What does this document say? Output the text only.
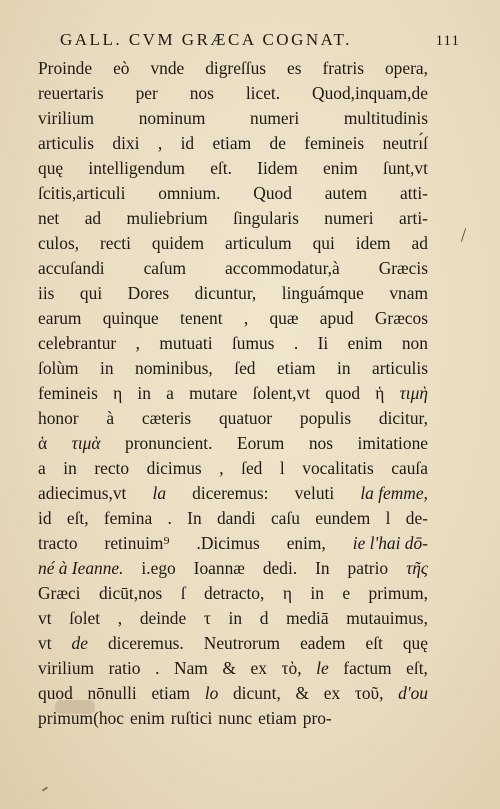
GALL. CVM GRÆCA COGNAT.	111
Proinde eò vnde digreſſus es fratris opera,
reuertaris per nos licet. Quod,inquam,de
virilium	nominum	numeri	multitudinis
articulis dixi , id etiam de femineis neutrı́ſ
quę intelligendum eſt. Iidem enim ſunt,vt
ſcitis,articuli omnium. Quod autem atti-
net ad muliebrium ſingularis numeri arti-
culos, recti quidem articulum qui idem ad
accuſandi caſum accommodatur,à Græcis
iis qui Dores dicuntur, linguámque vnam
earum quinque tenent , quæ apud Græcos
celebrantur , mutuati ſumus . Ii enim non
ſolùm in nominibus, ſed etiam in articulis
femineis η in a mutare ſolent,vt quod ἡ τιμὴ
honor à cæteris quatuor populis dicitur,
ἁ τιμὰ pronuncient. Eorum nos imitatione
a in recto dicimus , ſed l vocalitatis cauſa
adiecimus,vt la diceremus: veluti la femme,
id eſt, femina . In dandi caſu eundem l de-
tracto retinuim⁹ .Dicimus enim, ie l'hai dō-
né à Ieanne. i.ego Ioannæ dedi. In patrio τῆς
Græci dicūt,nos ſ detracto, η in e primum,
vt ſolet , deinde τ in d mediā mutauimus,
vt de diceremus. Neutrorum eadem eſt quę
virilium ratio . Nam & ex τὸ, le factum eſt,
quod nōnulli etiam lo dicunt, & ex τοῦ, d'ou
primum(hoc enim ruſtici nunc etiam pro-
